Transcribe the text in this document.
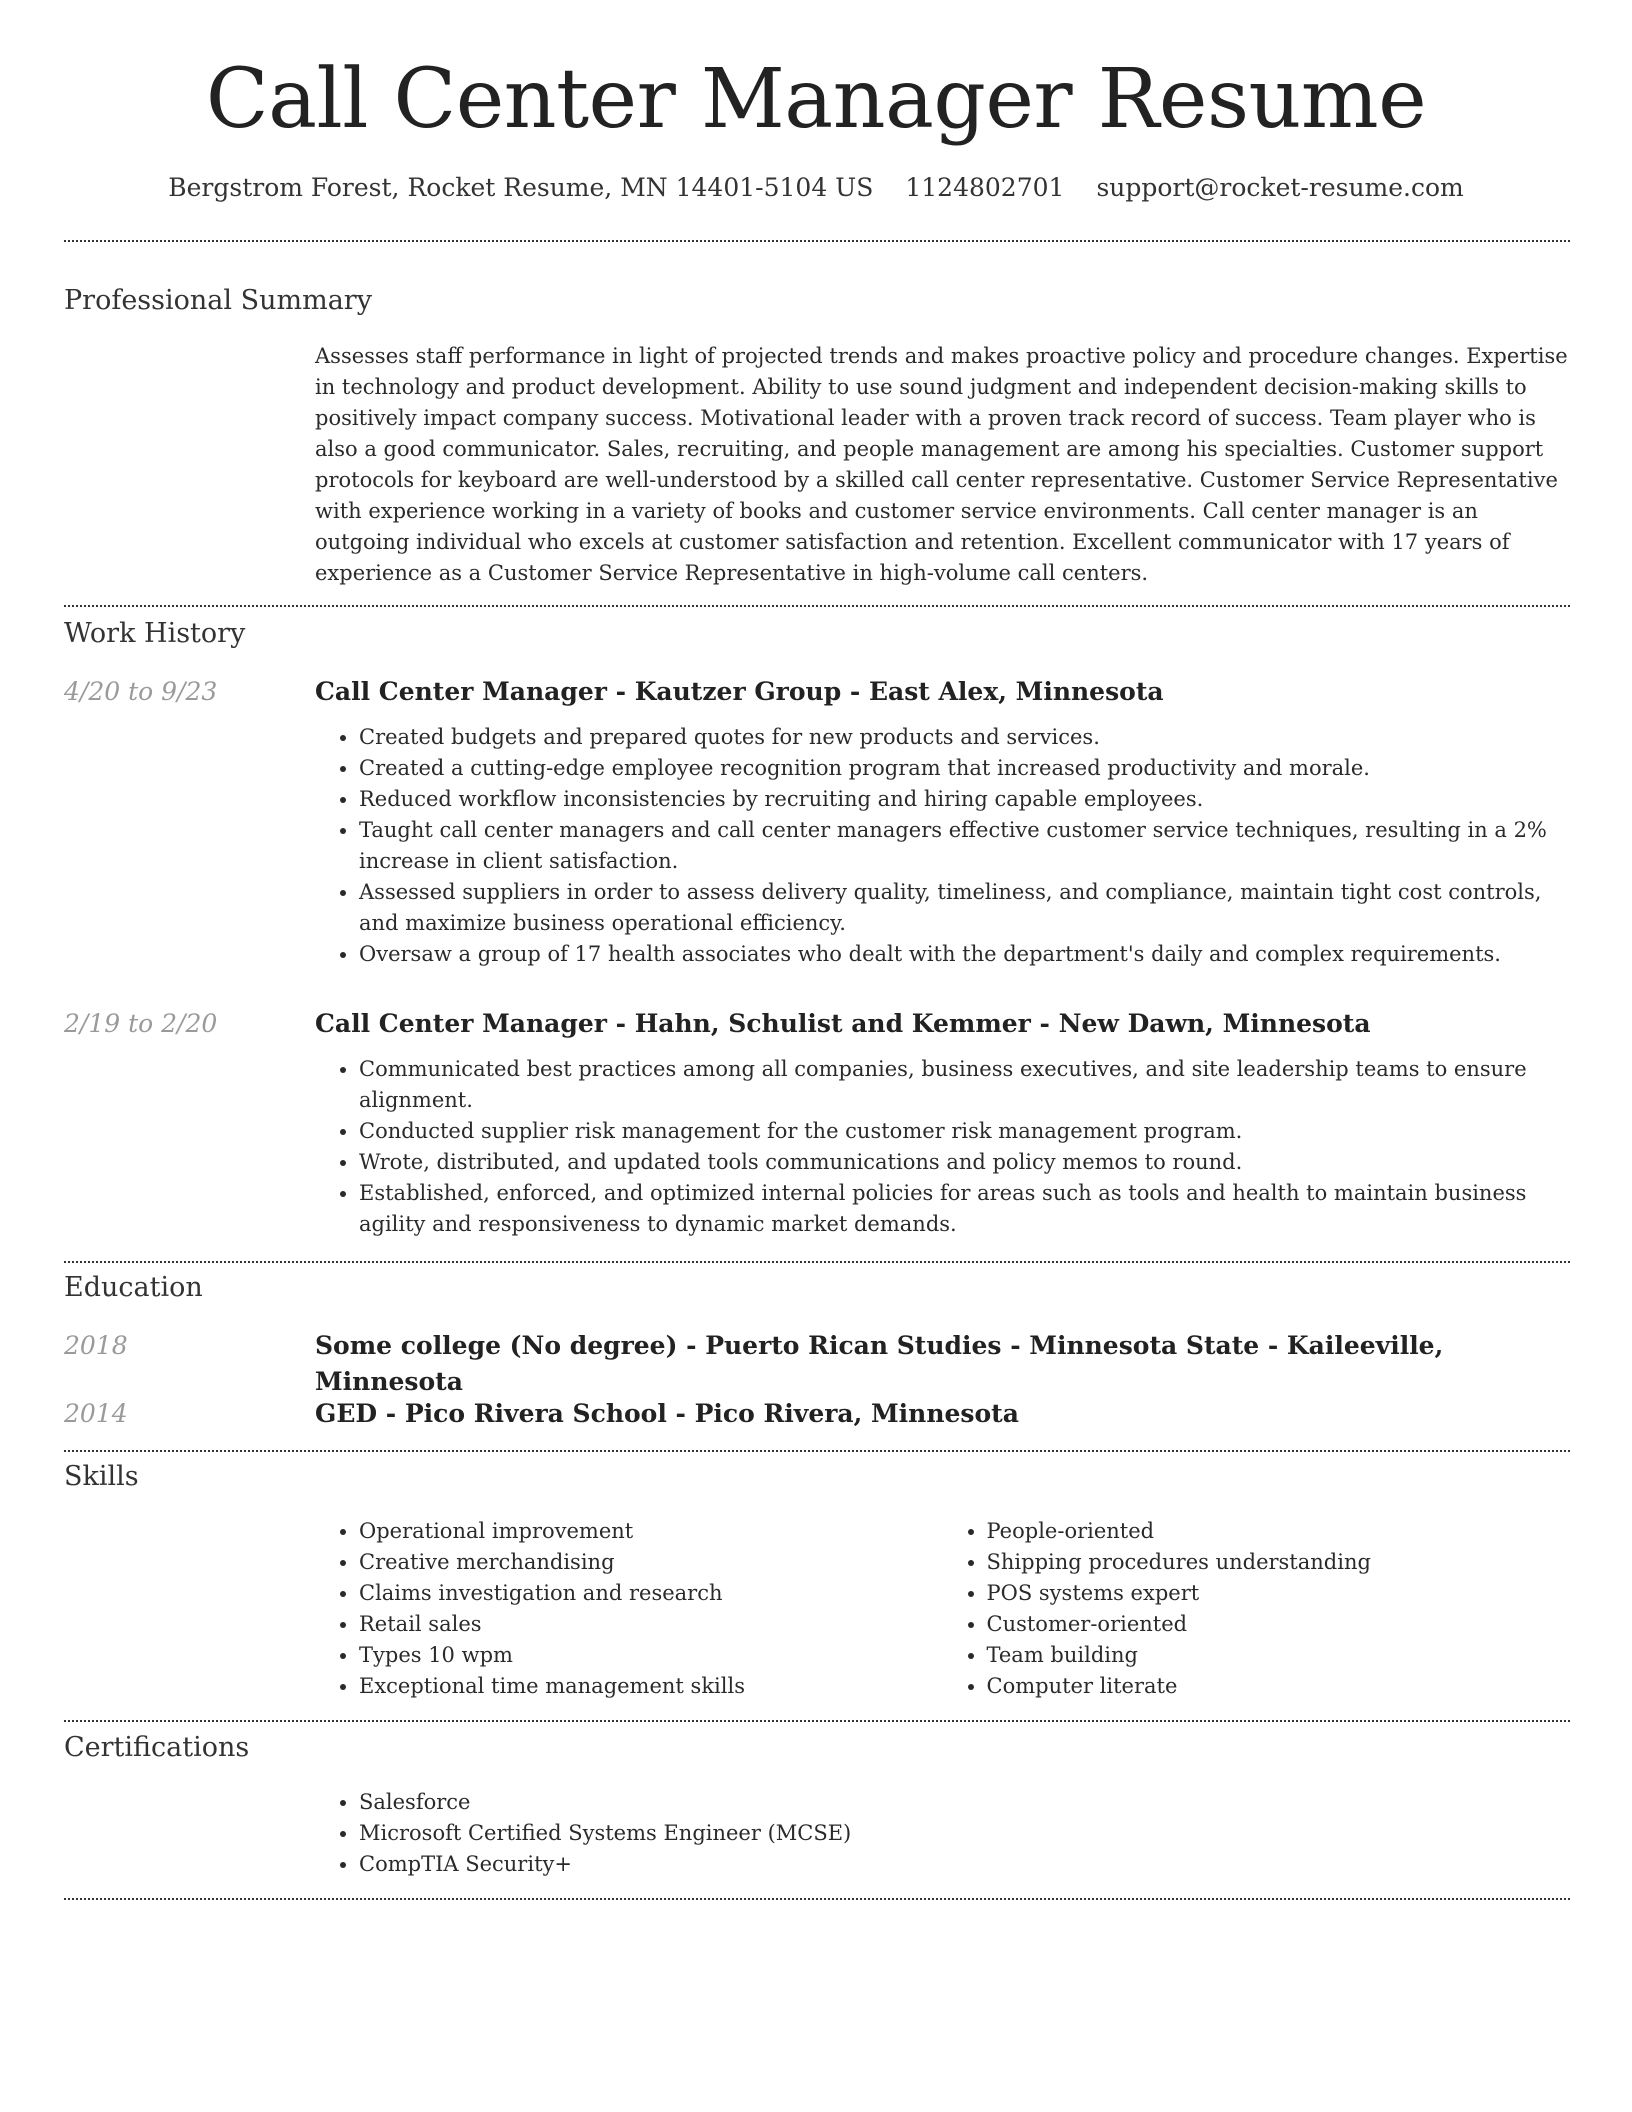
Call Center Manager Resume
Bergstrom Forest, Rocket Resume, MN 14401-5104 US 1124802701 support@rocket-resume.com
Professional Summary

Assesses staff performance in light of projected trends and makes proactive policy and procedure changes. Expertise in technology and product development. Ability to use sound judgment and independent decision-making skills to positively impact company success. Motivational leader with a proven track record of success. Team player who is also a good communicator. Sales, recruiting, and people management are among his specialties. Customer support protocols for keyboard are well-understood by a skilled call center representative. Customer Service Representative with experience working in a variety of books and customer service environments. Call center manager is an outgoing individual who excels at customer satisfaction and retention. Excellent communicator with 17 years of experience as a Customer Service Representative in high-volume call centers.

Work History
4/20 to 9/23	Call Center Manager - Kautzer Group - East Alex, Minnesota
• Created budgets and prepared quotes for new products and services.
• Created a cutting-edge employee recognition program that increased productivity and morale.
• Reduced workflow inconsistencies by recruiting and hiring capable employees.
• Taught call center managers and call center managers effective customer service techniques, resulting in a 2% increase in client satisfaction.
• Assessed suppliers in order to assess delivery quality, timeliness, and compliance, maintain tight cost controls, and maximize business operational efficiency.
• Oversaw a group of 17 health associates who dealt with the department's daily and complex requirements.
2/19 to 2/20	Call Center Manager - Hahn, Schulist and Kemmer - New Dawn, Minnesota
• Communicated best practices among all companies, business executives, and site leadership teams to ensure alignment.
• Conducted supplier risk management for the customer risk management program.
• Wrote, distributed, and updated tools communications and policy memos to round.
• Established, enforced, and optimized internal policies for areas such as tools and health to maintain business agility and responsiveness to dynamic market demands.
Education
2018	Some college (No degree) - Puerto Rican Studies - Minnesota State - Kaileeville, Minnesota
2014	GED - Pico Rivera School - Pico Rivera, Minnesota
Skills
• Operational improvement
• Creative merchandising
• Claims investigation and research
• Retail sales
• Types 10 wpm
• Exceptional time management skills
• People-oriented
• Shipping procedures understanding
• POS systems expert
• Customer-oriented
• Team building
• Computer literate
Certifications
• Salesforce
• Microsoft Certified Systems Engineer (MCSE)
• CompTIA Security+
